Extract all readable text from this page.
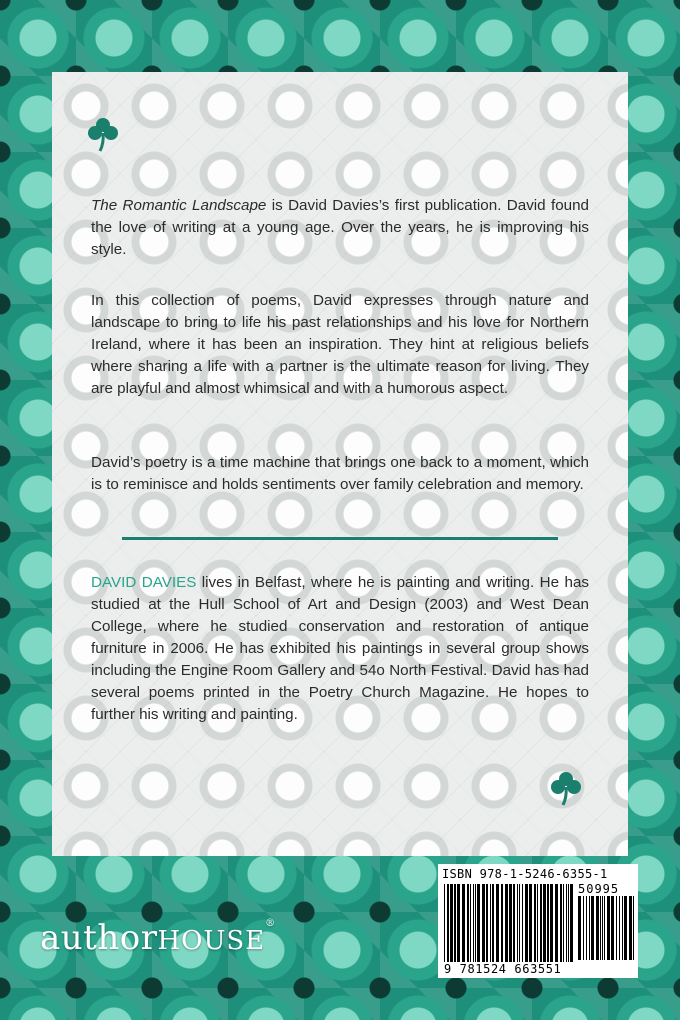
The Romantic Landscape is David Davies’s first publication. David found the love of writing at a young age. Over the years, he is improving his style.

In this collection of poems, David expresses through nature and landscape to bring to life his past relationships and his love for Northern Ireland, where it has been an inspiration. They hint at religious beliefs where sharing a life with a partner is the ultimate reason for living. They are playful and almost whimsical and with a humorous aspect.

David’s poetry is a time machine that brings one back to a moment, which is to reminisce and holds sentiments over family celebration and memory.

DAVID DAVIES lives in Belfast, where he is painting and writing. He has studied at the Hull School of Art and Design (2003) and West Dean College, where he studied conservation and restoration of antique furniture in 2006. He has exhibited his paintings in several group shows including the Engine Room Gallery and 54o North Festival. David has had several poems printed in the Poetry Church Magazine. He hopes to further his writing and painting.

authorHOUSE®
ISBN 978-1-5246-6355-1
50995
9 781524 663551
